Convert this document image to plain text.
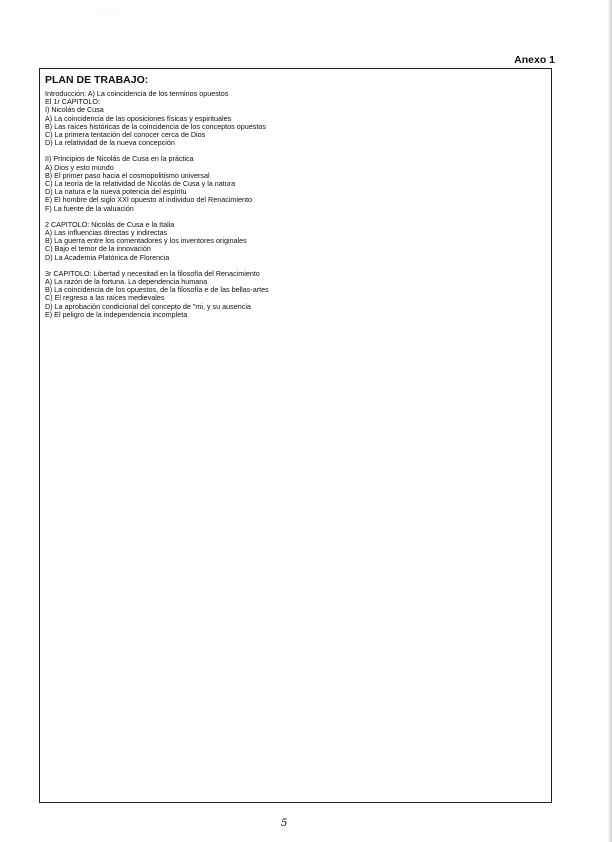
· · ·
Anexo 1
PLAN DE TRABAJO:
Introducción: A) La coincidencia de los terminos opuestos
El 1r CAPITOLO:
I) Nicolás de Cusa
A) La coincidencia de las oposiciones físicas y espirituales
B) Las raíces históricas de la coincidencia de los conceptos opuestos
C) La primera tentación del conocer cerca de Dios
D) La relatividad de la nueva concepción
II) Principios de Nicolás de Cusa en la práctica
A) Dios y esto mundo
B) El primer paso hacia el cosmopolitismo universal
C) La teoría de la relatividad de Nicolás de Cusa y la natura
D) La natura e la nueva potencia del espíritu
E) El hombre del siglo XXI opuesto al individuo del Renacimiento
F) La fuente de la valuación
2 CAPITOLO: Nicolás de Cusa e la Italia
A) Las influencias directas y indirectas
B) La guerra entre los comentadores y los inventores originales
C) Bajo el temor de la innovación
D) La Academia Platónica de Florencia
3r CAPITOLO: Libertad y necesitad en la filosofía del Renacimiento
A) La razón de la fortuna. La dependencia humana
B) La coincidencia de los opuestos, de la filosofía e de las bellas-artes
C) El regreso a las raíces medievales
D) La aprobación condicional del concepto de "mi, y su ausencia
E) El peligro de la independencia incompleta
5
